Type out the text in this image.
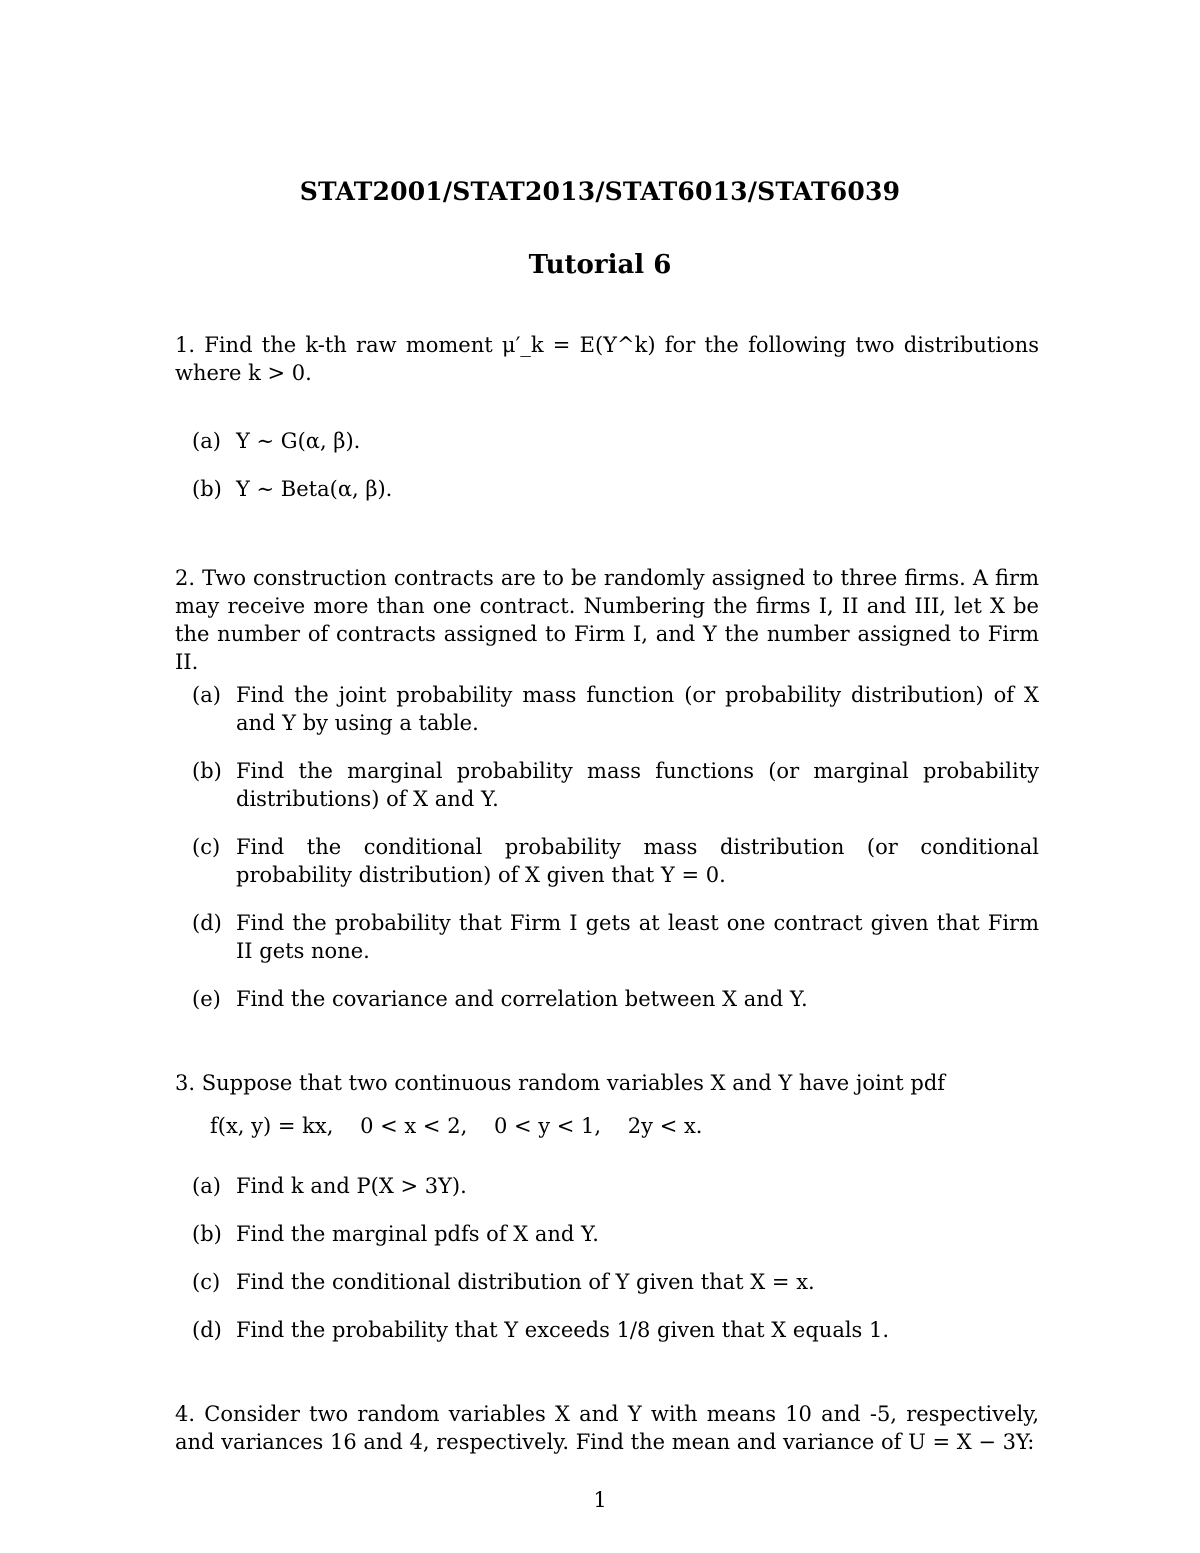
STAT2001/STAT2013/STAT6013/STAT6039
Tutorial 6
1. Find the k-th raw moment μ′_k = E(Y^k) for the following two distributions where k > 0.
(a) Y ∼ G(α, β).
(b) Y ∼ Beta(α, β).
2. Two construction contracts are to be randomly assigned to three firms. A firm may receive more than one contract. Numbering the firms I, II and III, let X be the number of contracts assigned to Firm I, and Y the number assigned to Firm II.
(a) Find the joint probability mass function (or probability distribution) of X and Y by using a table.
(b) Find the marginal probability mass functions (or marginal probability distributions) of X and Y.
(c) Find the conditional probability mass distribution (or conditional probability distribution) of X given that Y = 0.
(d) Find the probability that Firm I gets at least one contract given that Firm II gets none.
(e) Find the covariance and correlation between X and Y.
3. Suppose that two continuous random variables X and Y have joint pdf
f(x, y) = kx,    0 < x < 2,    0 < y < 1,    2y < x.
(a) Find k and P(X > 3Y).
(b) Find the marginal pdfs of X and Y.
(c) Find the conditional distribution of Y given that X = x.
(d) Find the probability that Y exceeds 1/8 given that X equals 1.
4. Consider two random variables X and Y with means 10 and -5, respectively, and variances 16 and 4, respectively. Find the mean and variance of U = X − 3Y:
1
